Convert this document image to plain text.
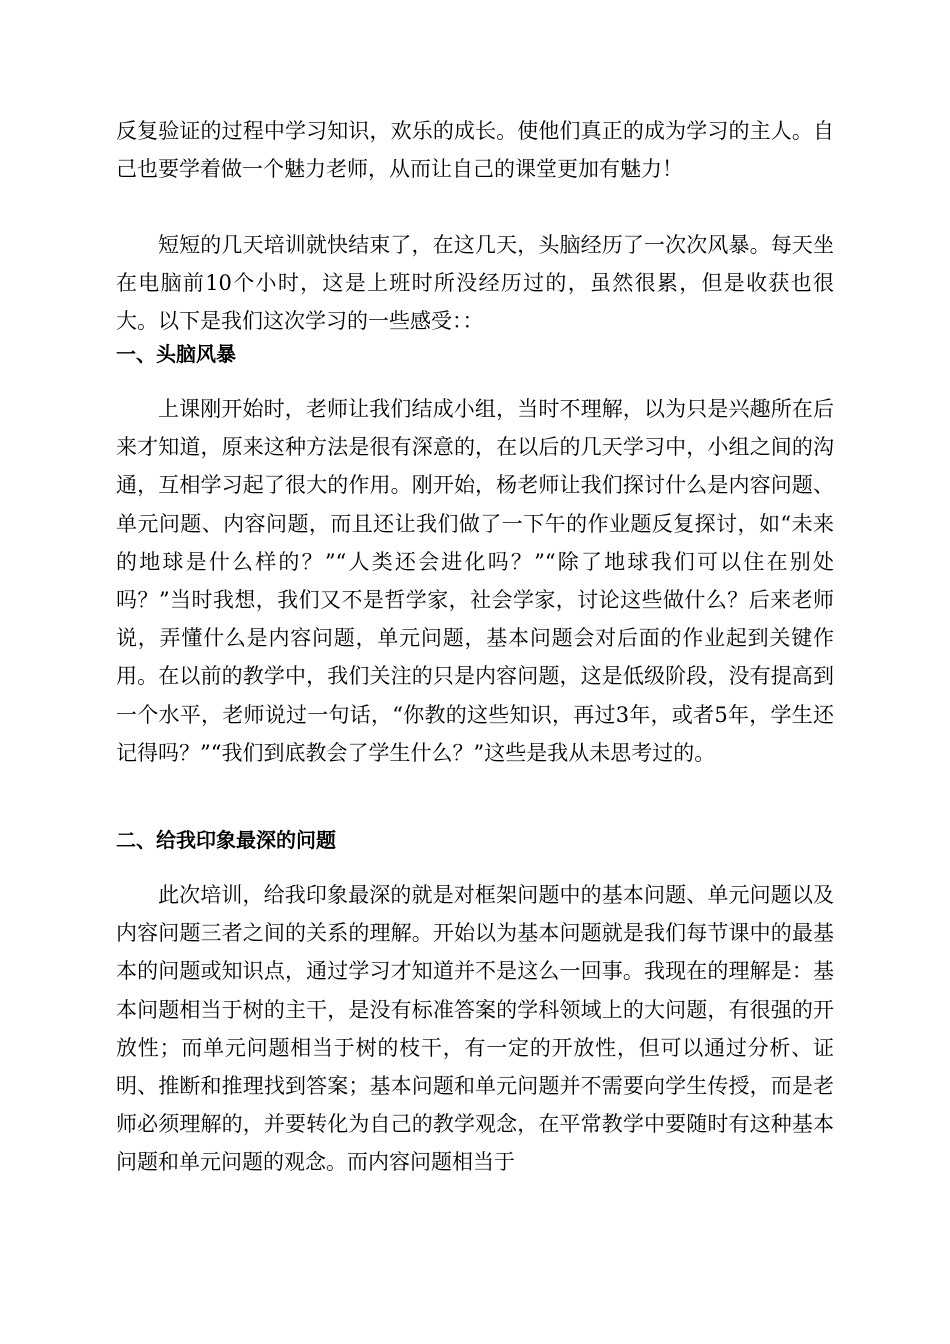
反复验证的过程中学习知识，欢乐的成长。使他们真正的成为学习的主人。自己也要学着做一个魅力老师，从而让自己的课堂更加有魅力！

短短的几天培训就快结束了，在这几天，头脑经历了一次次风暴。每天坐在电脑前10个小时，这是上班时所没经历过的，虽然很累，但是收获也很大。以下是我们这次学习的一些感受：：

一、头脑风暴

上课刚开始时，老师让我们结成小组，当时不理解，以为只是兴趣所在后来才知道，原来这种方法是很有深意的，在以后的几天学习中，小组之间的沟通，互相学习起了很大的作用。刚开始，杨老师让我们探讨什么是内容问题、单元问题、内容问题，而且还让我们做了一下午的作业题反复探讨，如“未来的地球是什么样的？”“人类还会进化吗？”“除了地球我们可以住在别处吗？”当时我想，我们又不是哲学家，社会学家，讨论这些做什么？后来老师说，弄懂什么是内容问题，单元问题，基本问题会对后面的作业起到关键作用。在以前的教学中，我们关注的只是内容问题，这是低级阶段，没有提高到一个水平，老师说过一句话，“你教的这些知识，再过3年，或者5年，学生还记得吗？”“我们到底教会了学生什么？”这些是我从未思考过的。

二、给我印象最深的问题

此次培训，给我印象最深的就是对框架问题中的基本问题、单元问题以及内容问题三者之间的关系的理解。开始以为基本问题就是我们每节课中的最基本的问题或知识点，通过学习才知道并不是这么一回事。我现在的理解是：基本问题相当于树的主干，是没有标准答案的学科领域上的大问题，有很强的开放性；而单元问题相当于树的枝干，有一定的开放性，但可以通过分析、证明、推断和推理找到答案；基本问题和单元问题并不需要向学生传授，而是老师必须理解的，并要转化为自己的教学观念，在平常教学中要随时有这种基本问题和单元问题的观念。而内容问题相当于
